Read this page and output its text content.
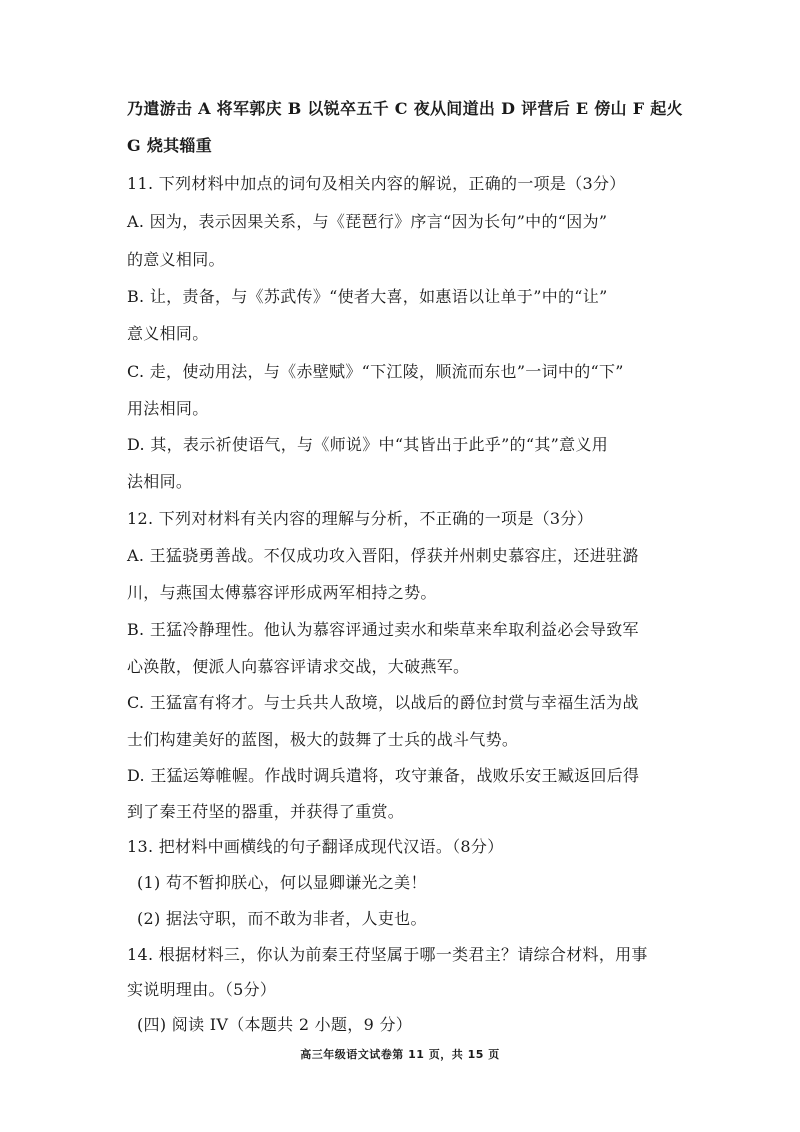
乃遣游击 A 将军郭庆 B 以锐卒五千 C 夜从间道出 D 评营后 E 傍山 F 起火
G 烧其辎重
11. 下列材料中加点的词句及相关内容的解说，正确的一项是（3分）
A. 因为，表示因果关系，与《琵琶行》序言“因为长句”中的“因为”
的意义相同。
B. 让，责备，与《苏武传》“使者大喜，如惠语以让单于”中的“让”
意义相同。
C. 走，使动用法，与《赤壁赋》“下江陵，顺流而东也”一词中的“下”
用法相同。
D. 其，表示祈使语气，与《师说》中“其皆出于此乎”的“其”意义用
法相同。
12. 下列对材料有关内容的理解与分析，不正确的一项是（3分）
A. 王猛骁勇善战。不仅成功攻入晋阳，俘获并州刺史慕容庄，还进驻潞
川，与燕国太傅慕容评形成两军相持之势。
B. 王猛冷静理性。他认为慕容评通过卖水和柴草来牟取利益必会导致军
心涣散，便派人向慕容评请求交战，大破燕军。
C. 王猛富有将才。与士兵共人敌境，以战后的爵位封赏与幸福生活为战
士们构建美好的蓝图，极大的鼓舞了士兵的战斗气势。
D. 王猛运筹帷幄。作战时调兵遣将，攻守兼备，战败乐安王臧返回后得
到了秦王苻坚的器重，并获得了重赏。
13. 把材料中画横线的句子翻译成现代汉语。（8分）
(1) 苟不暂抑朕心，何以显卿谦光之美！
(2) 据法守职，而不敢为非者，人吏也。
14. 根据材料三，你认为前秦王苻坚属于哪一类君主？请综合材料，用事
实说明理由。（5分）
(四) 阅读 IV（本题共 2 小题，9 分）
高三年级语文试卷第 11 页，共 15 页
